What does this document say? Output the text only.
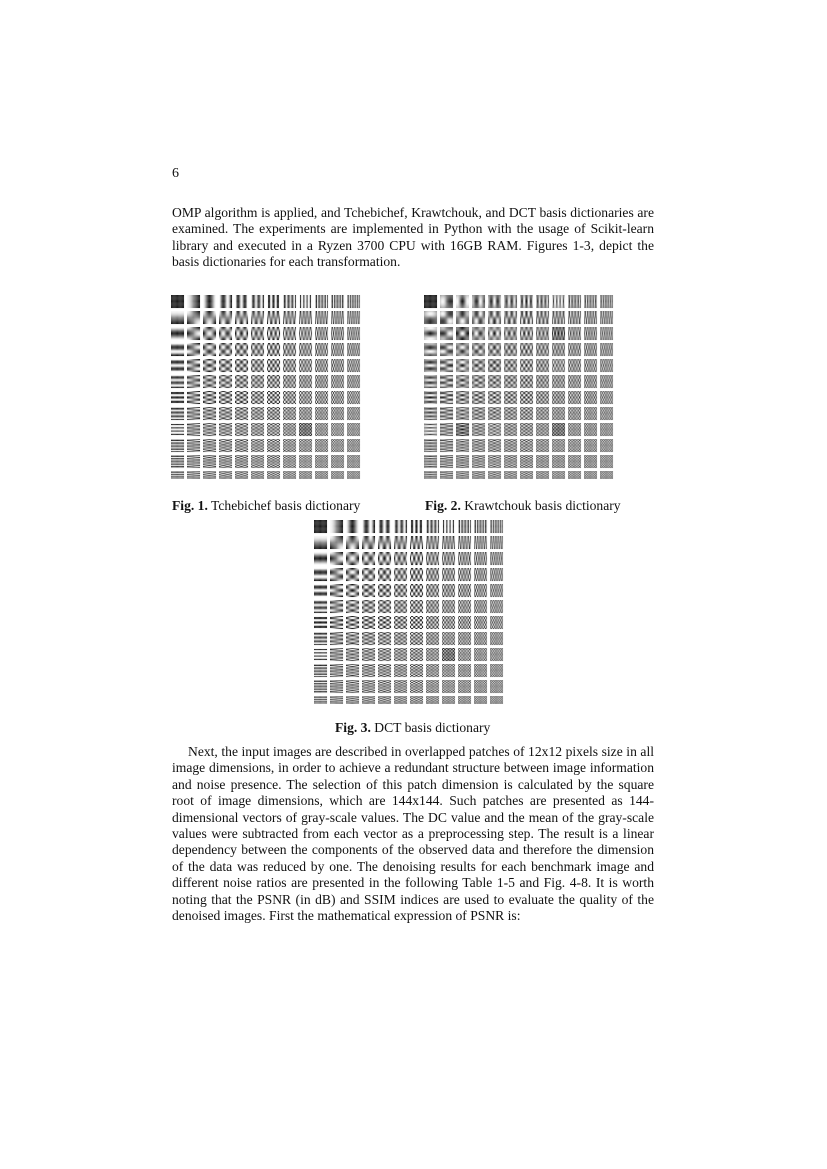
6
OMP algorithm is applied, and Tchebichef, Krawtchouk, and DCT basis dictionaries are examined. The experiments are implemented in Python with the usage of Scikit-learn library and executed in a Ryzen 3700 CPU with 16GB RAM. Figures 1-3, depict the basis dictionaries for each transformation.
Fig. 1. Tchebichef basis dictionary	Fig. 2. Krawtchouk basis dictionary
Fig. 3. DCT basis dictionary
Next, the input images are described in overlapped patches of 12x12 pixels size in all image dimensions, in order to achieve a redundant structure between image information and noise presence. The selection of this patch dimension is calculated by the square root of image dimensions, which are 144x144. Such patches are presented as 144-dimensional vectors of gray-scale values. The DC value and the mean of the gray-scale values were subtracted from each vector as a preprocessing step. The result is a linear dependency between the components of the observed data and therefore the dimension of the data was reduced by one. The denoising results for each benchmark image and different noise ratios are presented in the following Table 1-5 and Fig. 4-8. It is worth noting that the PSNR (in dB) and SSIM indices are used to evaluate the quality of the denoised images. First the mathematical expression of PSNR is:
